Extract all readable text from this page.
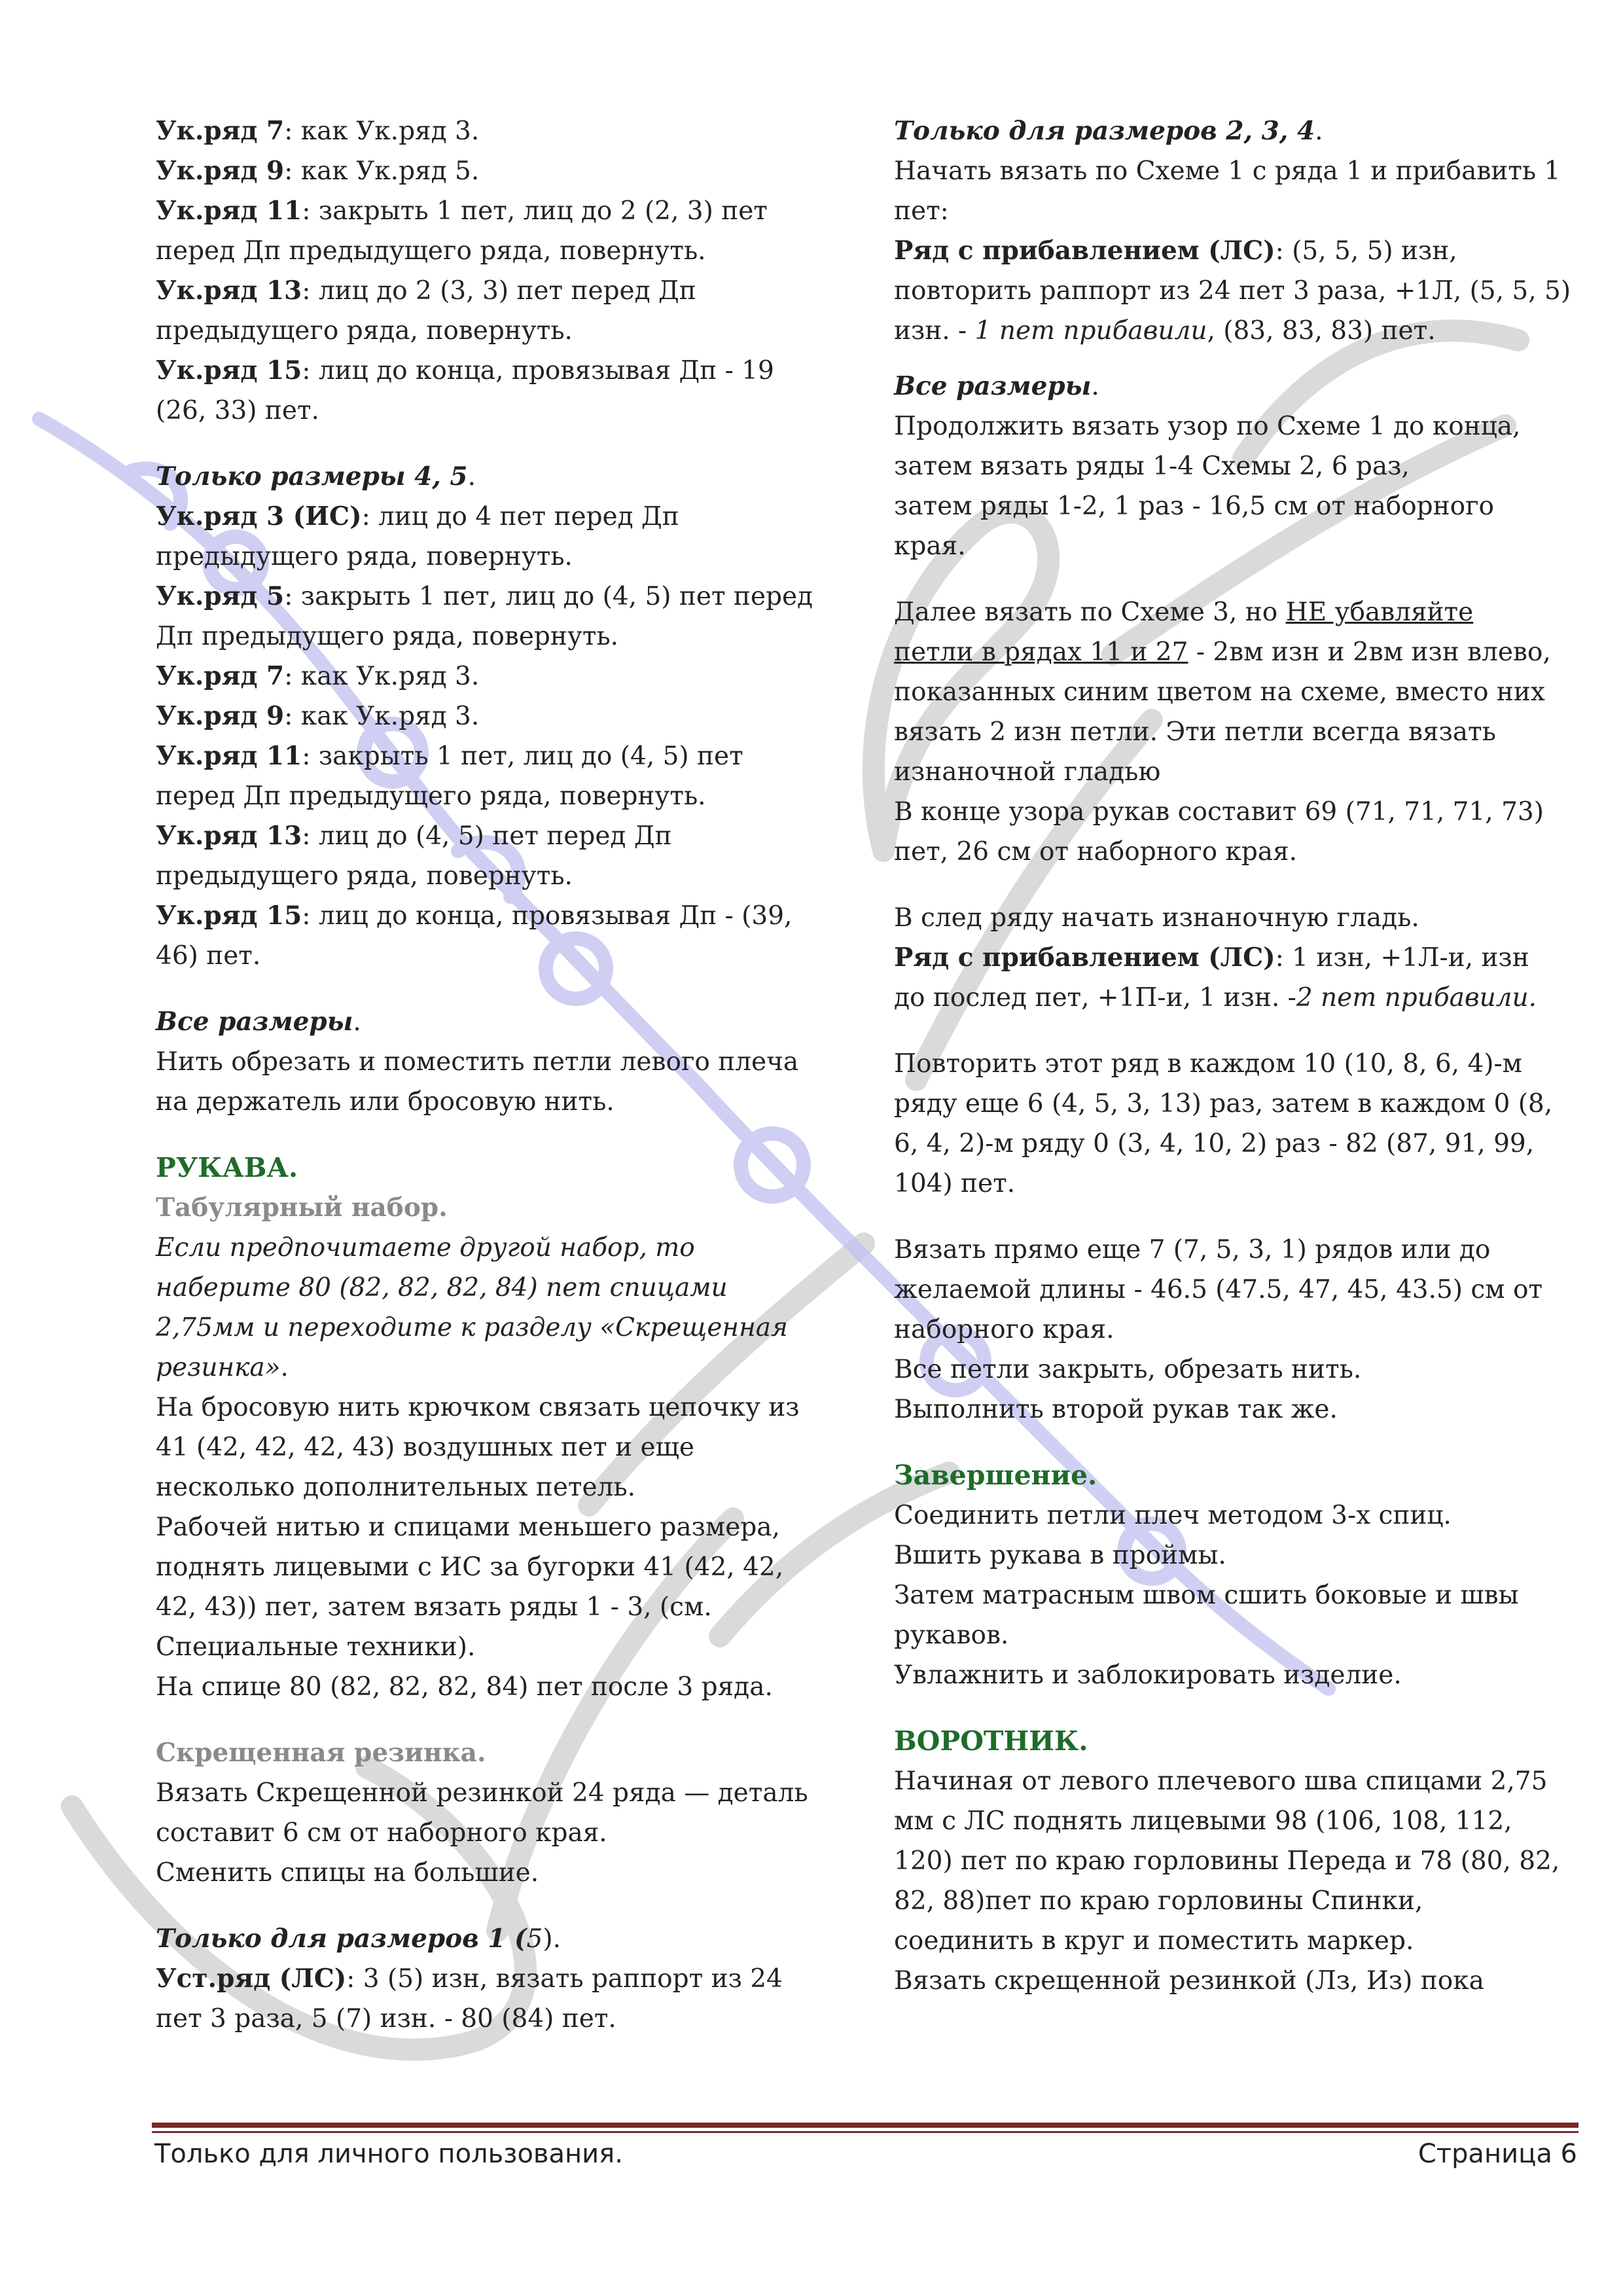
Ук.ряд 7: как Ук.ряд 3.
Ук.ряд 9: как Ук.ряд 5.
Ук.ряд 11: закрыть 1 пет, лиц до 2 (2, 3) пет
перед Дп предыдущего ряда, повернуть.
Ук.ряд 13: лиц до 2 (3, 3) пет перед Дп
предыдущего ряда, повернуть.
Ук.ряд 15: лиц до конца, провязывая Дп - 19
(26, 33) пет.
Только размеры 4, 5.
Ук.ряд 3 (ИС): лиц до 4 пет перед Дп
предыдущего ряда, повернуть.
Ук.ряд 5: закрыть 1 пет, лиц до (4, 5) пет перед
Дп предыдущего ряда, повернуть.
Ук.ряд 7: как Ук.ряд 3.
Ук.ряд 9: как Ук.ряд 3.
Ук.ряд 11: закрыть 1 пет, лиц до (4, 5) пет
перед Дп предыдущего ряда, повернуть.
Ук.ряд 13: лиц до (4, 5) пет перед Дп
предыдущего ряда, повернуть.
Ук.ряд 15: лиц до конца, провязывая Дп - (39,
46) пет.
Все размеры.
Нить обрезать и поместить петли левого плеча
на держатель или бросовую нить.
РУКАВА.
Табулярный набор.
Если предпочитаете другой набор, то
наберите 80 (82, 82, 82, 84) пет спицами
2,75мм и переходите к разделу «Скрещенная
резинка».
На бросовую нить крючком связать цепочку из
41 (42, 42, 42, 43) воздушных пет и еще
несколько дополнительных петель.
Рабочей нитью и спицами меньшего размера,
поднять лицевыми с ИС за бугорки 41 (42, 42,
42, 43)) пет, затем вязать ряды 1 - 3, (см.
Специальные техники).
На спице 80 (82, 82, 82, 84) пет после 3 ряда.
Скрещенная резинка.
Вязать Скрещенной резинкой 24 ряда — деталь
составит 6 см от наборного края.
Сменить спицы на большие.
Только для размеров 1 (5).
Уст.ряд (ЛС): 3 (5) изн, вязать раппорт из 24
пет 3 раза, 5 (7) изн. - 80 (84) пет.
Только для размеров 2, 3, 4.
Начать вязать по Схеме 1 с ряда 1 и прибавить 1
пет:
Ряд с прибавлением (ЛС): (5, 5, 5) изн,
повторить раппорт из 24 пет 3 раза, +1Л, (5, 5, 5)
изн. - 1 пет прибавили, (83, 83, 83) пет.
Все размеры.
Продолжить вязать узор по Схеме 1 до конца,
затем вязать ряды 1-4 Схемы 2, 6 раз,
затем ряды 1-2, 1 раз - 16,5 см от наборного
края.
Далее вязать по Схеме 3, но НЕ убавляйте
петли в рядах 11 и 27 - 2вм изн и 2вм изн влево,
показанных синим цветом на схеме, вместо них
вязать 2 изн петли. Эти петли всегда вязать
изнаночной гладью
В конце узора рукав составит 69 (71, 71, 71, 73)
пет, 26 см от наборного края.
В след ряду начать изнаночную гладь.
Ряд с прибавлением (ЛС): 1 изн, +1Л-и, изн
до послед пет, +1П-и, 1 изн. -2 пет прибавили.
Повторить этот ряд в каждом 10 (10, 8, 6, 4)-м
ряду еще 6 (4, 5, 3, 13) раз, затем в каждом 0 (8,
6, 4, 2)-м ряду 0 (3, 4, 10, 2) раз - 82 (87, 91, 99,
104) пет.
Вязать прямо еще 7 (7, 5, 3, 1) рядов или до
желаемой длины - 46.5 (47.5, 47, 45, 43.5) см от
наборного края.
Все петли закрыть, обрезать нить.
Выполнить второй рукав так же.
Завершение.
Соединить петли плеч методом 3-х спиц.
Вшить рукава в проймы.
Затем матрасным швом сшить боковые и швы
рукавов.
Увлажнить и заблокировать изделие.
ВОРОТНИК.
Начиная от левого плечевого шва спицами 2,75
мм с ЛС поднять лицевыми 98 (106, 108, 112,
120) пет по краю горловины Переда и 78 (80, 82,
82, 88)пет по краю горловины Спинки,
соединить в круг и поместить маркер.
Вязать скрещенной резинкой (Лз, Из) пока
Только для личного пользования.	Страница 6
